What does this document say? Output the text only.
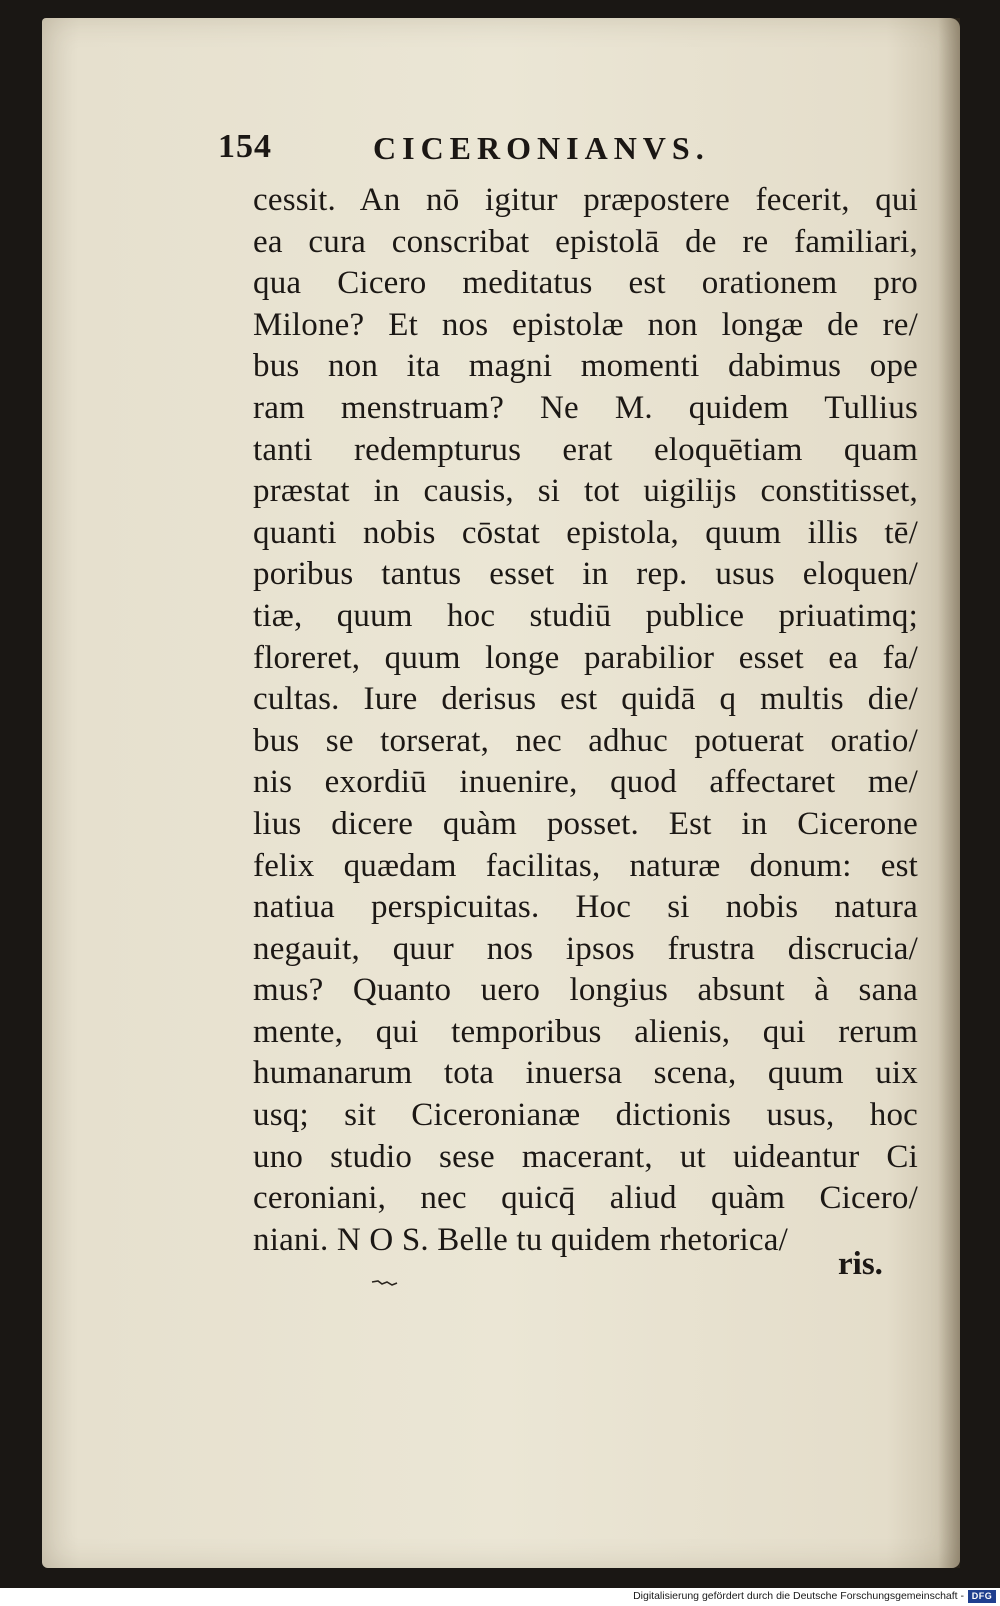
154	CICERONIANVS.
cessit. An nō igitur præpostere fecerit, qui
ea cura conscribat epistolā de re familiari,
qua Cicero meditatus est orationem pro
Milone? Et nos epistolæ non longæ de re/
bus non ita magni momenti dabimus ope
ram menstruam? Ne M. quidem Tullius
tanti redempturus erat eloquētiam quam
præstat in causis, si tot uigilijs constitisset,
quanti nobis cōstat epistola, quum illis tē/
poribus tantus esset in rep. usus eloquen/
tiæ, quum hoc studiū publice priuatimq;
floreret, quum longe parabilior esset ea fa/
cultas. Iure derisus est quidā q multis die/
bus se torserat, nec adhuc potuerat oratio/
nis exordiū inuenire, quod affectaret me/
lius dicere quàm posset. Est in Cicerone
felix quædam facilitas, naturæ donum: est
natiua perspicuitas. Hoc si nobis natura
negauit, quur nos ipsos frustra discrucia/
mus? Quanto uero longius absunt à sana
mente, qui temporibus alienis, qui rerum
humanarum tota inuersa scena, quum uix
usq; sit Ciceronianæ dictionis usus, hoc
uno studio sese macerant, ut uideantur Ci
ceroniani, nec quicq̄ aliud quàm Cicero/
niani. N O S. Belle tu quidem rhetorica/
ris.
Digitalisierung gefördert durch die Deutsche Forschungsgemeinschaft - DFG
